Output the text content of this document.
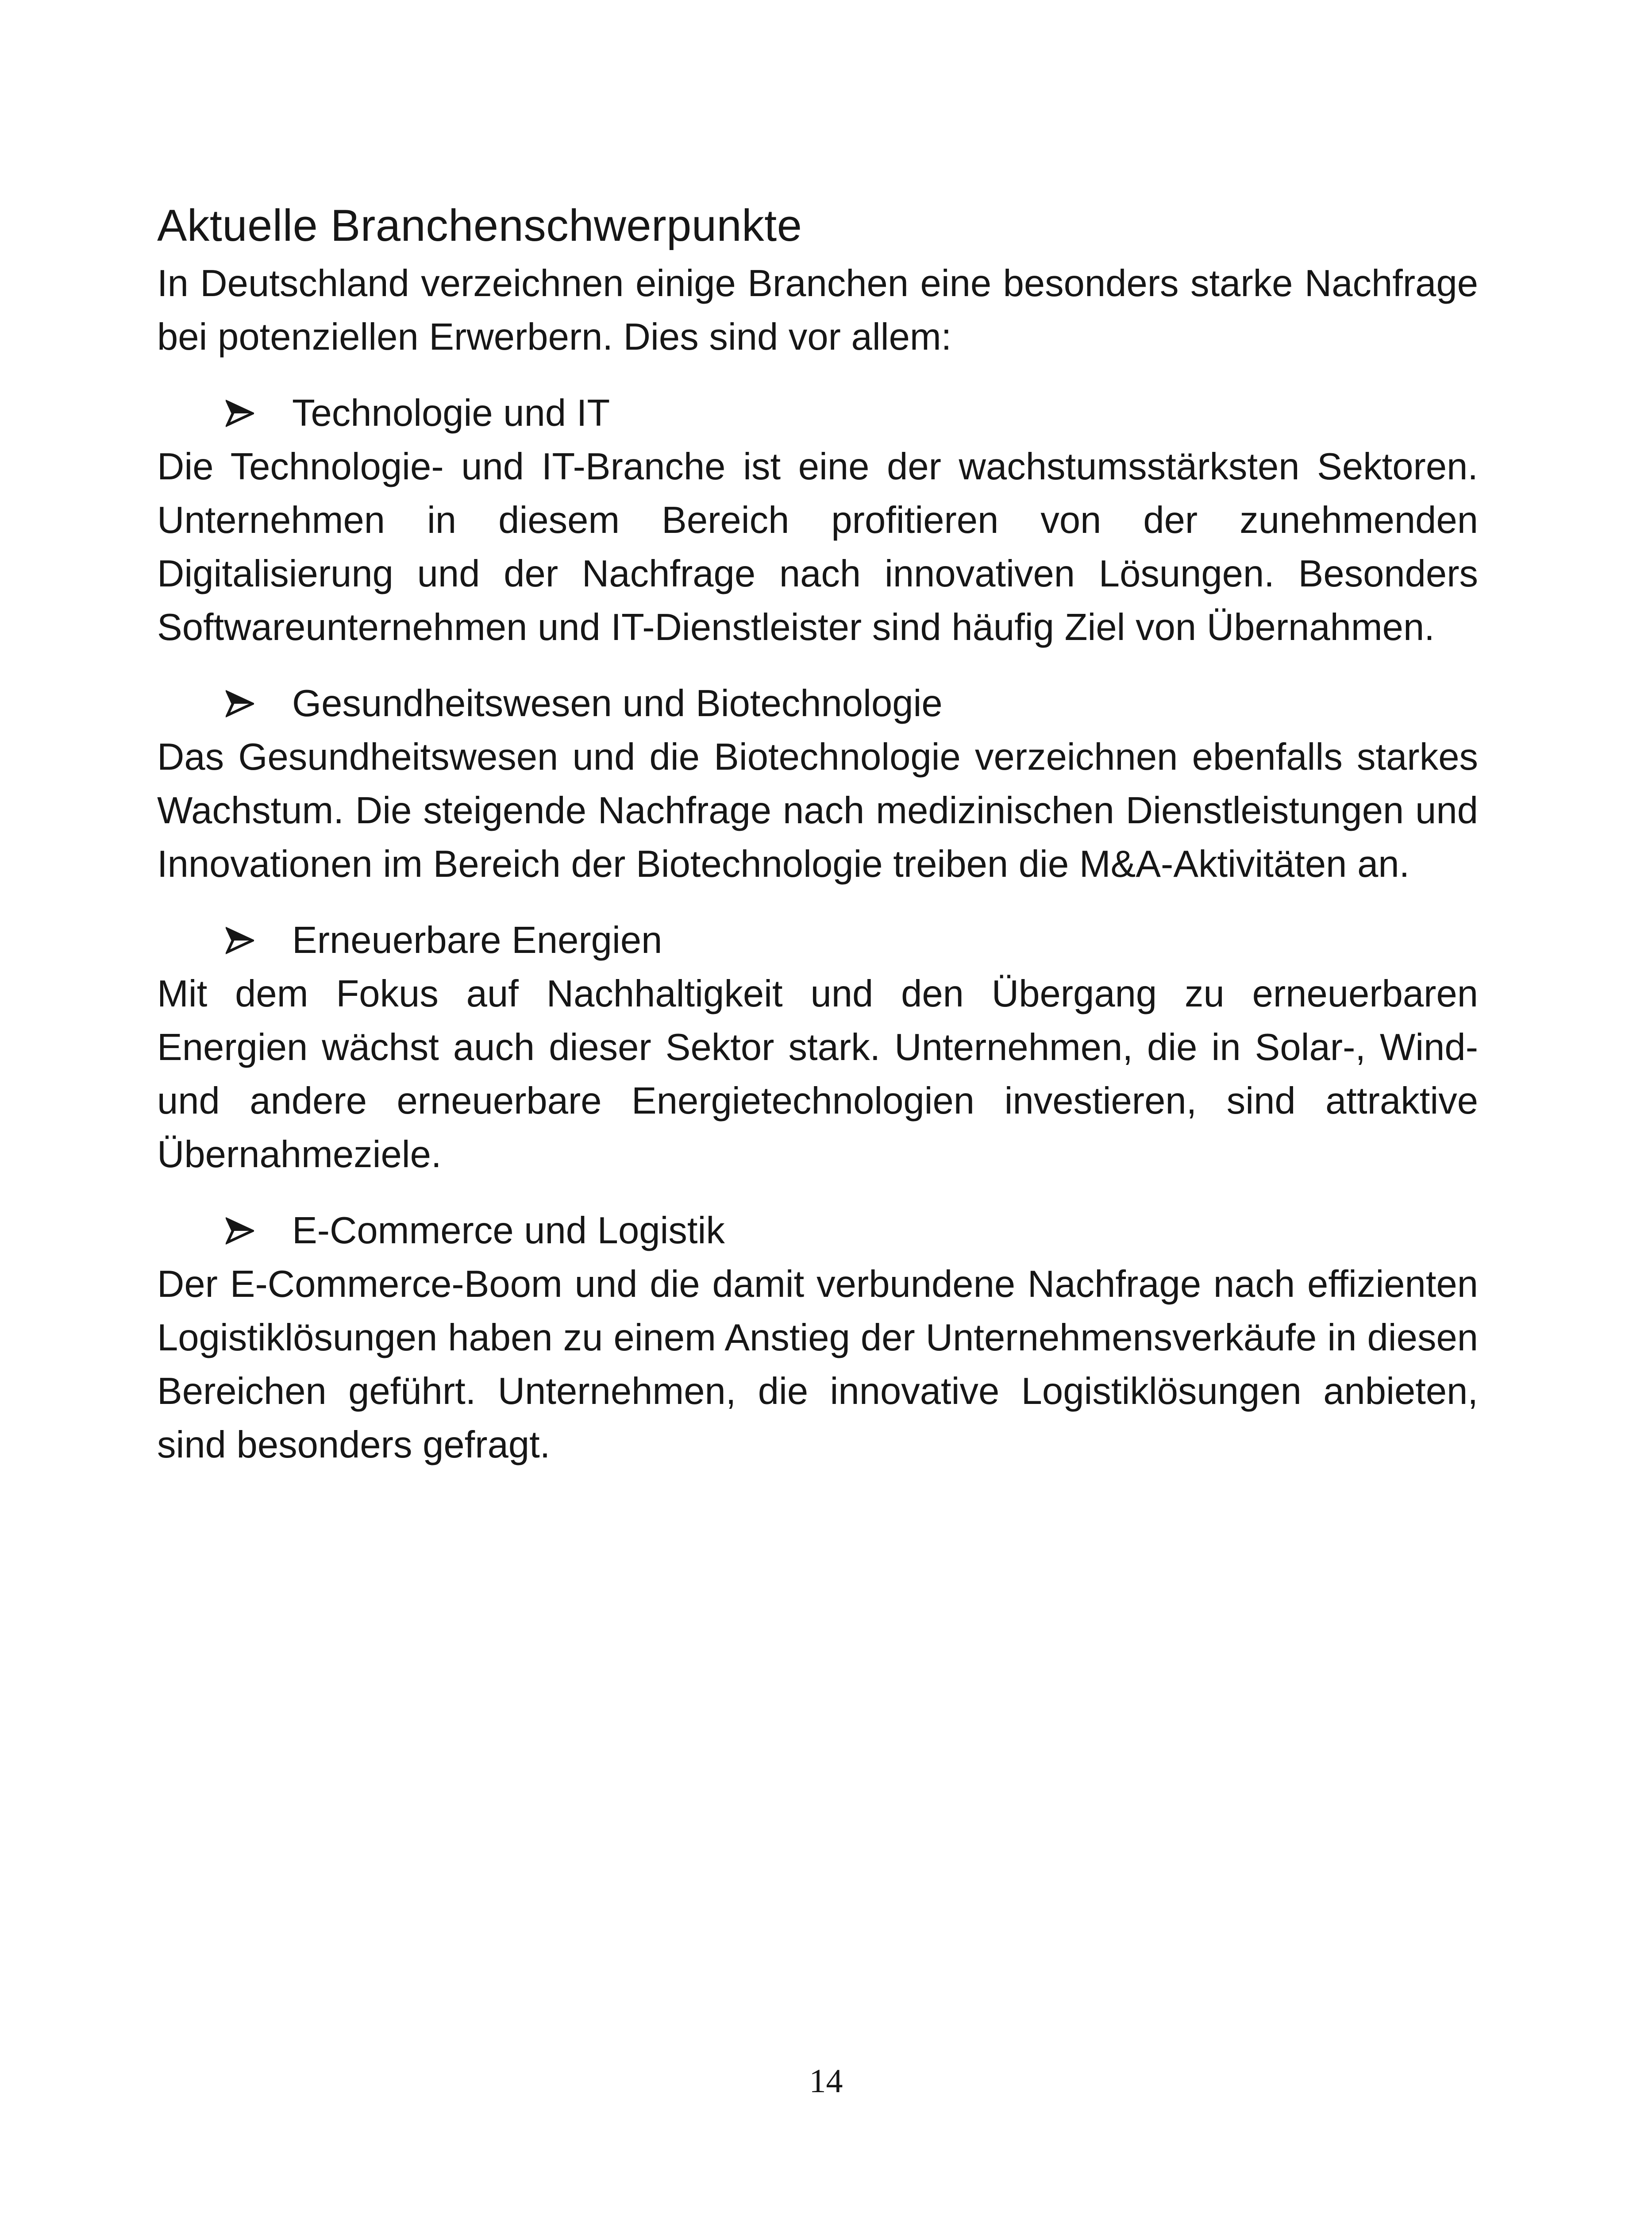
Aktuelle Branchenschwerpunkte

In Deutschland verzeichnen einige Branchen eine besonders starke Nachfrage bei potenziellen Erwerbern. Dies sind vor allem:

Technologie und IT

Die Technologie- und IT-Branche ist eine der wachstumsstärksten Sektoren. Unternehmen in diesem Bereich profitieren von der zunehmenden Digitalisierung und der Nachfrage nach innovativen Lösungen. Besonders Softwareunternehmen und IT-Dienstleister sind häufig Ziel von Übernahmen.

Gesundheitswesen und Biotechnologie

Das Gesundheitswesen und die Biotechnologie verzeichnen ebenfalls starkes Wachstum. Die steigende Nachfrage nach medizinischen Dienstleistungen und Innovationen im Bereich der Biotechnologie treiben die M&A-Aktivitäten an.

Erneuerbare Energien

Mit dem Fokus auf Nachhaltigkeit und den Übergang zu erneuerbaren Energien wächst auch dieser Sektor stark. Unternehmen, die in Solar-, Wind- und andere erneuerbare Energietechnologien investieren, sind attraktive Übernahmeziele.

E-Commerce und Logistik

Der E-Commerce-Boom und die damit verbundene Nachfrage nach effizienten Logistiklösungen haben zu einem Anstieg der Unternehmensverkäufe in diesen Bereichen geführt. Unternehmen, die innovative Logistiklösungen anbieten, sind besonders gefragt.

14
